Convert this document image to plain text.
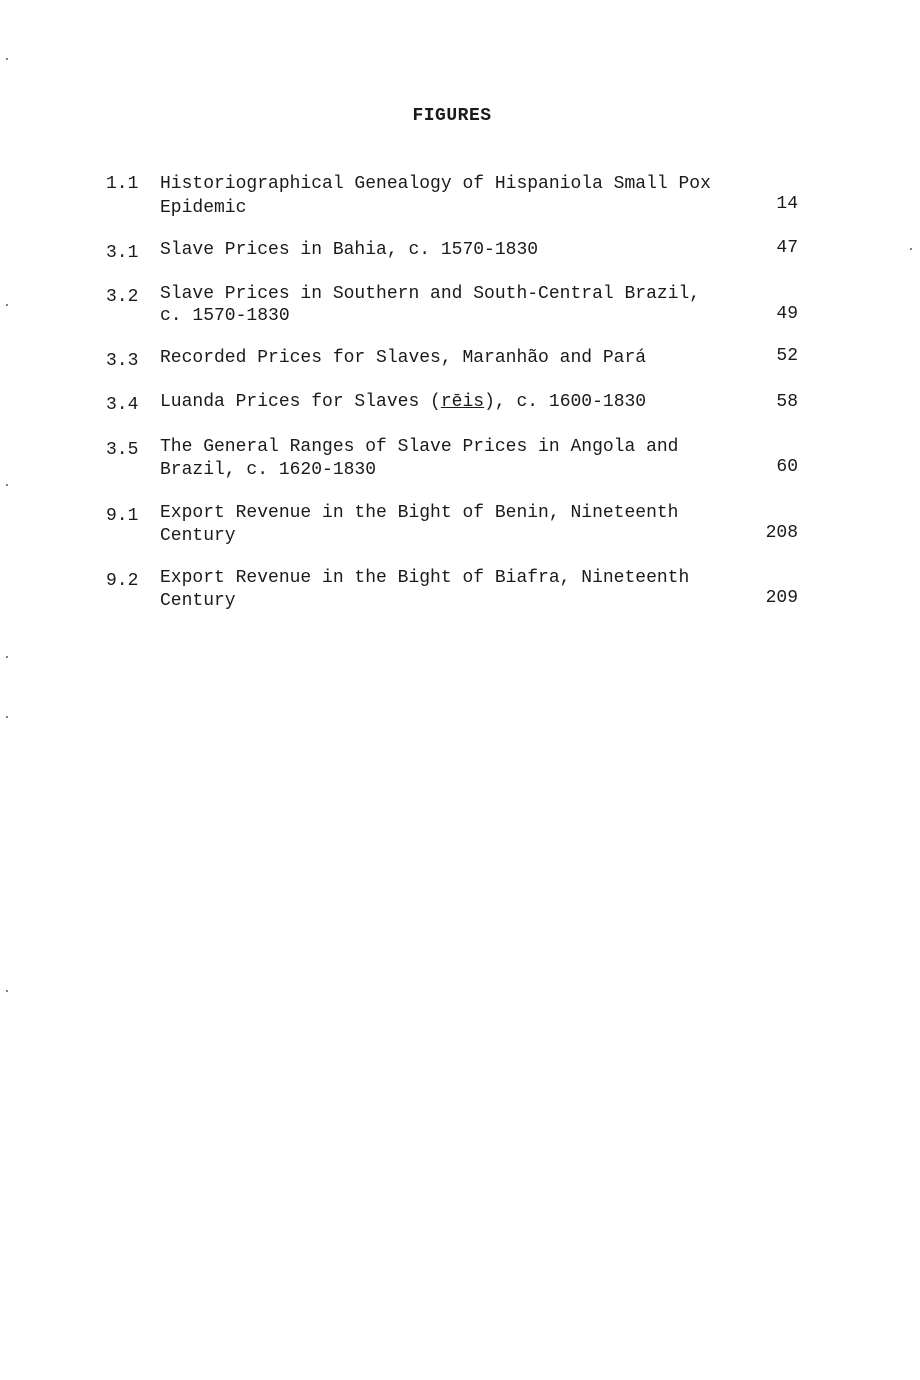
FIGURES
1.1 Historiographical Genealogy of Hispaniola Small Pox
Epidemic	14
3.1 Slave Prices in Bahia, c. 1570-1830	47
3.2 Slave Prices in Southern and South-Central Brazil,
c. 1570-1830	49
3.3 Recorded Prices for Slaves, Maranhão and Pará	52
3.4 Luanda Prices for Slaves (rēis), c. 1600-1830	58
3.5 The General Ranges of Slave Prices in Angola and
Brazil, c. 1620-1830	60
9.1 Export Revenue in the Bight of Benin, Nineteenth
Century	208
9.2 Export Revenue in the Bight of Biafra, Nineteenth
Century	209
